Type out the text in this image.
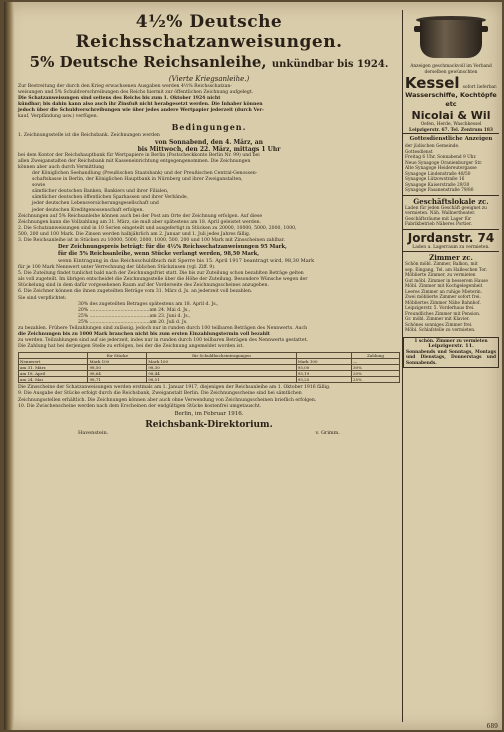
4½% Deutsche Reichsschatzanweisungen.
5% Deutsche Reichsanleihe, unkündbar bis 1924.
(Vierte Kriegsanleihe.)

Zur Bestreitung der durch den Krieg erwachsenen Ausgaben werden 4½% Reichsschatzan-

weisungen und 5% Schuldverschreibungen des Reichs hiermit zur öffentlichen Zeichnung aufgelegt.

Die Schatzanweisungen sind seitens des Reichs bis zum 1. Oktober 1924 nicht

kündbar; bis dahin kann also auch ihr Zinsfuß nicht herabgesetzt werden. Die Inhaber können

jedoch über die Schuldverschreibungen wie über jedes andere Wertpapier jederzeit (durch Ver-

kauf, Verpfändung usw.) verfügen.

Bedingungen.

1. Zeichnungsstelle ist die Reichsbank. Zeichnungen werden

von Sonnabend, den 4. März, an

bis Mittwoch, den 22. März, mittags 1 Uhr

bei dem Kontor der Reichshauptbank für Wertpapiere in Berlin (Postscheckkonto Berlin Nr. 99) und bei

allen Zweiganstalten der Reichsbank mit Kasseneinrichtung entgegengenommen. Die Zeichnungen

können aber auch durch Vermittlung

der Königlichen Seehandlung (Preußischen Staatsbank) und der Preußischen Central-Genossen-

schaftskasse in Berlin, der Königlichen Hauptbank in Nürnberg und ihrer Zweiganstalten,

sowie

sämtlicher deutschen Banken, Bankiers und ihrer Filialen,

sämtlicher deutschen öffentlichen Sparkassen und ihrer Verbände,

jeder deutschen Lebensversicherungsgesellschaft und

jeder deutschen Kreditgenossenschaft erfolgen.

Zeichnungen auf 5% Reichsanleihe können auch bei der Post am Orte der Zeichnung erfolgen. Auf diese

Zeichnungen kann die Vollzahlung am 31. März, sie muß aber spätestens am 18. April geleistet werden.

2. Die Schatzanweisungen sind in 10 Serien eingeteilt und ausgefertigt in Stücken zu 20000, 10000, 5000, 2000, 1000,

500, 200 und 100 Mark. Die Zinsen werden halbjährlich am 2. Januar und 1. Juli jedes Jahres fällig.

3. Die Reichsanleihe ist in Stücken zu 10000, 5000, 2000, 1000, 500, 200 und 100 Mark mit Zinsscheinen zahlbar.

Der Zeichnungspreis beträgt: für die 4½% Reichsschatzanweisungen 95 Mark,

für die 5% Reichsanleihe, wenn Stücke verlangt werden, 98,50 Mark,

wenn Eintragung in das Reichsschuldbuch mit Sperre bis 15. April 1917 beantragt wird, 98,30 Mark

für je 100 Mark Nennwert unter Verrechnung der üblichen Stückzinsen (vgl. Ziff. 9).

5. Die Zuteilung findet tunlichst bald nach der Zeichnungsfrist statt. Die bis zur Zuteilung schon bezahlten Beträge gelten

als voll zugeteilt. Im übrigen entscheidet die Zeichnungsstelle über die Höhe der Zuteilung. Besondere Wünsche wegen der

Stückelung sind in dem dafür vorgesehenen Raum auf der Vorderseite des Zeichnungsscheines anzugeben.

6. Die Zeichner können die ihnen zugeteilten Beträge vom 31. März d. Js. an jederzeit voll bezahlen.

Sie sind verpflichtet:

30% des zugeteilten Betrages spätestens am 18. April d. Js.,

20% .........................................am 24. Mai d. Js.,

25% .........................................am 23. Juni d. Js.,

25% .........................................am 20. Juli d. Js.

zu bezahlen. Frühere Teilzahlungen sind zulässig, jedoch nur in runden durch 100 teilbaren Beträgen des Nennwerts. Auch

die Zeichnungen bis zu 1000 Mark brauchen nicht bis zum ersten Einzahlungstermin voll bezahlt

zu werden. Teilzahlungen sind auf sie jederzeit, indes nur in runden durch 100 teilbaren Beträgen des Nennwerts gestattet.

Die Zahlung hat bei derjenigen Stelle zu erfolgen, bei der die Zeichnung angemeldet worden ist.

	für Stücke	für Schuldbucheintragungen		Zahlung
Nennwert	Mark 100	Mark 100	Mark 100	—
am 31. März	98,50	98,30	95,00	30%
am 18. April	98,64	98,44	95,19	20%
am 24. Mai	98,71	98,51	95,25	25%

Die Zinsscheine der Schatzanweisungen werden erstmals am 1. Januar 1917, diejenigen der Reichsanleihe am 1. Oktober 1916 fällig.

9. Die Ausgabe der Stücke erfolgt durch die Reichsbank, Zweiganstalt Berlin. Die Zeichnungsscheine sind bei sämtlichen

Zeichnungsstellen erhältlich. Die Zeichnungen können aber auch ohne Verwendung von Zeichnungsscheinen brieflich erfolgen.

10. Die Zwischenscheine werden nach dem Erscheinen der endgültigen Stücke kostenfrei umgetauscht.

Berlin, im Februar 1916.

Reichsbank-Direktorium.
Havenstein.	v. Grimm.
Anzeigen geschmackvoll im Verband derselben gewünschten
Kessel sofort lieferbar.
Wasserschiffe, Kochtöpfe etc
Nicolai & Wil
Oefen, Herde, Waschkessel
Leipzigerstr. 67. Tel. Zentrum 183
Gottesdienstliche Anzeigen
der jüdischen Gemeinde.
Gottesdienst
Freitag 6 Uhr. Sonnabend 9 Uhr.
Neue Synagoge Oranienburger Str.
Alte Synagoge Heidereutergasse
Synagoge Lindenstraße 48/50
Synagoge Lützowstraße 16
Synagoge Kaiserstraße 29/30
Synagoge Fasanenstraße 79/80
Geschäftslokale zc.
Laden für jeden Geschäft geeignet zu
vermieten. Näh. Wallnertheater.
Geschäftsräume mit Lager für
Fabrikbetrieb Näheres Portier.
Jordanstr. 74
Laden u. Lagerraum zu vermieten.
Zimmer zc.
Schön möbl. Zimmer, Balkon, mit
sep. Eingang, Tel. am Halleschen Tor.
Möblierte Zimmer, zu vermieten
Gut möbl. Zimmer in besserem Hause
Möbl. Zimmer mit Kochgelegenheit
Leeres Zimmer an ruhige Mieterin.
Zwei möblierte Zimmer sofort frei.
Möbliertes Zimmer Nähe Bahnhof.
Leipzigerstr. 5. Vorderhaus frei.
Freundliches Zimmer mit Pension.
Gr. möbl. Zimmer mit Klavier.
Schönes sonniges Zimmer frei.
Möbl. Schlafstelle zu vermieten.
1 schön. Zimmer zu vermieten
Leipzigerstr. 11.
Sonnabends und Sonntags, Montags und Dienstags, Donnerstags und Sonnabends.
689
